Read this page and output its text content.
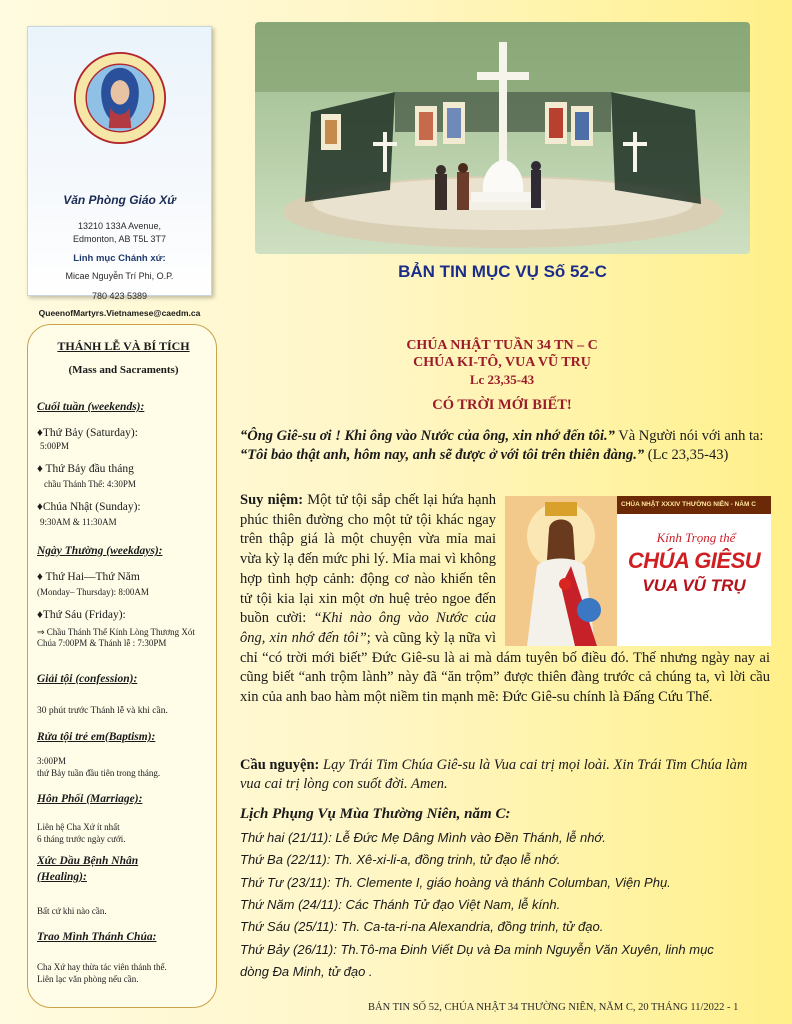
Văn Phòng Giáo Xứ
13210 133A Avenue,
Edmonton, AB T5L 3T7
Linh mục Chánh xứ:
Micae Nguyễn Trí Phi, O.P.
780 423 5389
QueenofMartyrs.Vietnamese@caedm.ca
THÁNH LỄ VÀ BÍ TÍCH
(Mass and Sacraments)
Cuối tuần (weekends):
♦Thứ Bảy (Saturday):
5:00PM
♦ Thứ Bảy đầu tháng
chầu Thánh Thể: 4:30PM
♦Chúa Nhật (Sunday):
9:30AM & 11:30AM
Ngày Thường (weekdays):
♦ Thứ Hai—Thứ Năm
(Monday– Thursday): 8:00AM
♦Thứ Sáu (Friday):
⇒ Chầu Thánh Thể Kính Lòng Thương Xót Chúa 7:00PM & Thánh lễ : 7:30PM
Giải tội (confession):
30 phút trước Thánh lễ và khi cần.
Rửa tội trẻ em(Baptism):
3:00PM
thứ Bảy tuần đầu tiên trong tháng.
Hôn Phối (Marriage):
Liên hệ Cha Xứ ít nhất
6 tháng trước ngày cưới.
Xức Dầu Bệnh Nhân
(Healing):
Bất cứ khi nào cần.
Trao Mình Thánh Chúa:
Cha Xứ hay thừa tác viên thánh thể.
Liên lạc văn phòng nếu cần.
BẢN TIN MỤC VỤ Số 52-C
CHÚA NHẬT TUẦN 34 TN – C
CHÚA KI-TÔ, VUA VŨ TRỤ
Lc 23,35-43
CÓ TRỜI MỚI BIẾT!
“Ông Giê-su ơi ! Khi ông vào Nước của ông, xin nhớ đến tôi.” Và Người nói với anh ta: “Tôi bảo thật anh, hôm nay, anh sẽ được ở với tôi trên thiên đàng.” (Lc 23,35-43)
Suy niệm: Một tử tội sắp chết lại hứa hạnh phúc thiên đường cho một tử tội khác ngay trên thập giá là một chuyện vừa mỉa mai vừa kỳ lạ đến mức phi lý. Mỉa mai vì không hợp tình hợp cảnh: động cơ nào khiến tên tử tội kia lại xin một ơn huệ trẻo ngoe đến buồn cười: “Khi nào ông vào Nước của ông, xin nhớ đến tôi”; và cũng kỳ lạ nữa vì chỉ “có trời mới biết” Đức Giê-su là ai mà dám tuyên bố điều đó. Thế nhưng ngày nay ai cũng biết “anh trộm lành” này đã “ăn trộm” được thiên đàng trước cả chúng ta, vì lời cầu xin của anh bao hàm một niềm tin mạnh mẽ: Đức Giê-su chính là Đấng Cứu Thế.
CHÚA NHẬT XXXIV THƯỜNG NIÊN - NĂM C
Kính Trọng thể
CHÚA GIÊSU
VUA VŨ TRỤ
Cầu nguyện: Lạy Trái Tim Chúa Giê-su là Vua cai trị mọi loài. Xin Trái Tim Chúa làm vua cai trị lòng con suốt đời. Amen.
Lịch Phụng Vụ Mùa Thường Niên, năm C:
Thứ hai (21/11): Lễ Đức Mẹ Dâng Mình vào Đền Thánh, lễ nhớ.
Thứ Ba (22/11): Th. Xê-xi-li-a, đồng trinh, tử đạo lễ nhớ.
Thứ Tư (23/11): Th. Clemente I, giáo hoàng và thánh Columban, Viện Phụ.
Thứ Năm (24/11): Các Thánh Tử đạo Việt Nam, lễ kính.
Thứ Sáu (25/11): Th. Ca-ta-ri-na Alexandria, đồng trinh, tử đạo.
Thứ Bảy (26/11): Th.Tô-ma Đinh Viết Dụ và Đa minh Nguyễn Văn Xuyên, linh mục
dòng Đa Minh, tử đạo .
BẢN TIN SỐ 52, CHÚA NHẬT 34 THƯỜNG NIÊN, NĂM C, 20 THÁNG 11/2022 - 1
